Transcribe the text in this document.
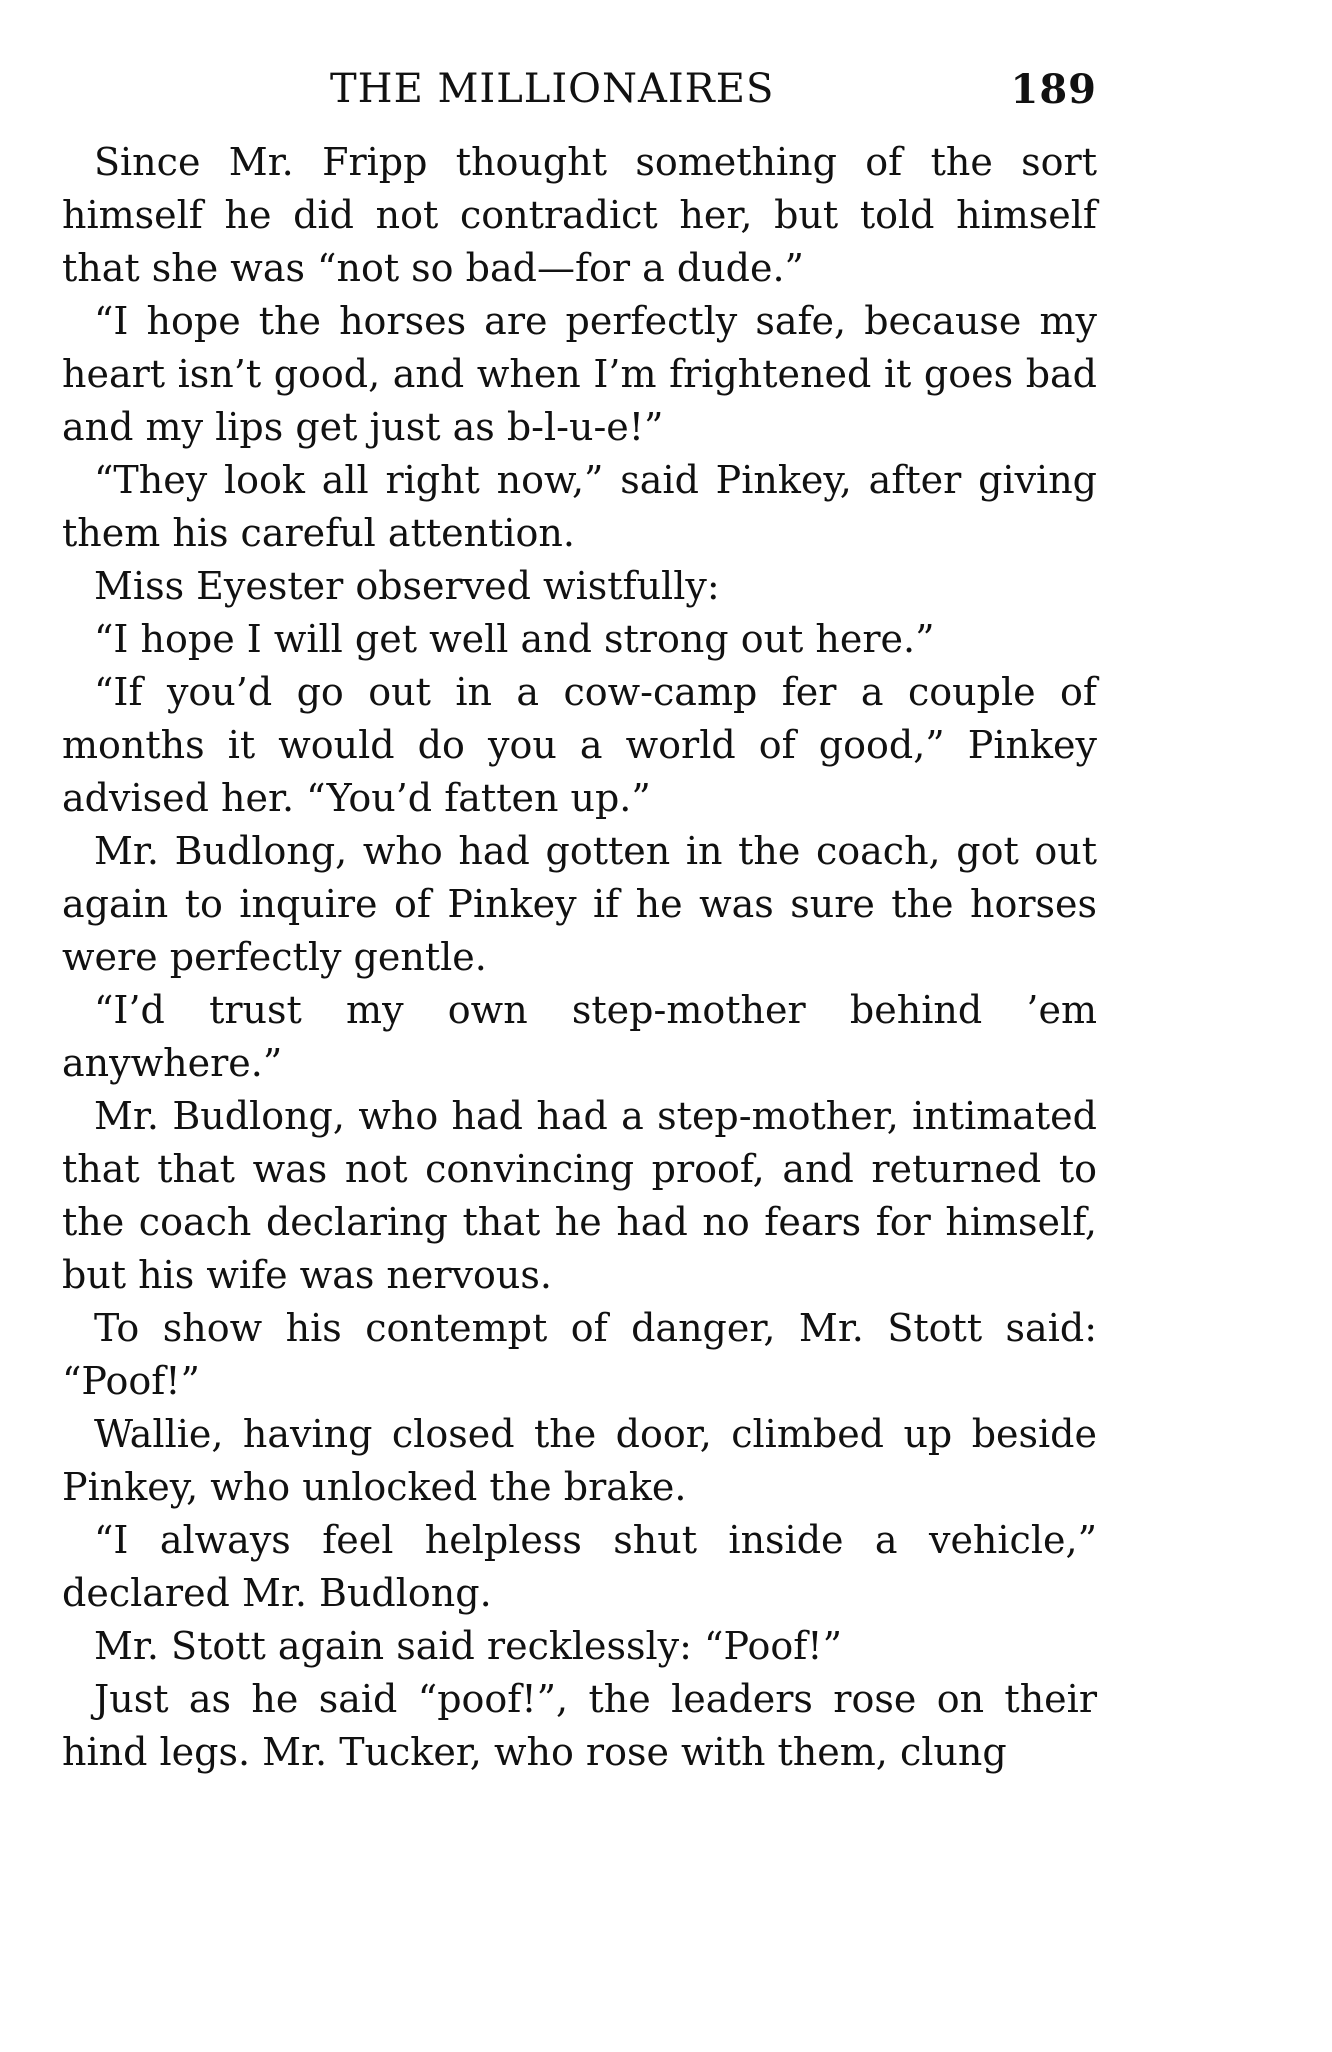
THE MILLIONAIRES	189

Since Mr. Fripp thought something of the sort himself he did not contradict her, but told himself that she was “not so bad—for a dude.”

“I hope the horses are perfectly safe, because my heart isn’t good, and when I’m frightened it goes bad and my lips get just as b-l-u-e!”

“They look all right now,” said Pinkey, after giving them his careful attention.

Miss Eyester observed wistfully:

“I hope I will get well and strong out here.”

“If you’d go out in a cow-camp fer a couple of months it would do you a world of good,” Pinkey advised her. “You’d fatten up.”

Mr. Budlong, who had gotten in the coach, got out again to inquire of Pinkey if he was sure the horses were perfectly gentle.

“I’d trust my own step-mother behind ’em anywhere.”

Mr. Budlong, who had had a step-mother, intimated that that was not convincing proof, and returned to the coach declaring that he had no fears for himself, but his wife was nervous.

To show his contempt of danger, Mr. Stott said: “Poof!”

Wallie, having closed the door, climbed up beside Pinkey, who unlocked the brake.

“I always feel helpless shut inside a vehicle,” declared Mr. Budlong.

Mr. Stott again said recklessly: “Poof!”

Just as he said “poof!”, the leaders rose on their hind legs. Mr. Tucker, who rose with them, clung
